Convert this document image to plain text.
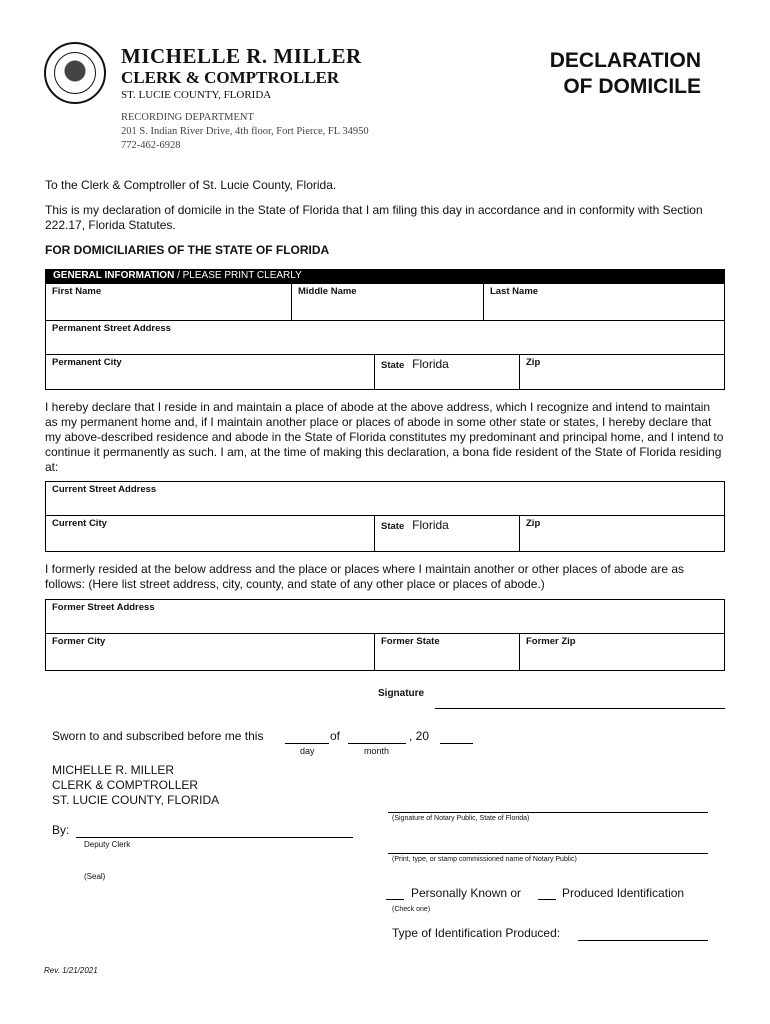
MICHELLE R. MILLER
CLERK & COMPTROLLER
ST. LUCIE COUNTY, FLORIDA
RECORDING DEPARTMENT
201 S. Indian River Drive, 4th floor, Fort Pierce, FL 34950
772-462-6928
DECLARATION
OF DOMICILE
To the Clerk & Comptroller of St. Lucie County, Florida.
This is my declaration of domicile in the State of Florida that I am filing this day in accordance and in conformity with Section 222.17, Florida Statutes.
FOR DOMICILIARIES OF THE STATE OF FLORIDA
GENERAL INFORMATION / PLEASE PRINT CLEARLY
First Name	Middle Name	Last Name
Permanent Street Address
Permanent City	State Florida	Zip
I hereby declare that I reside in and maintain a place of abode at the above address, which I recognize and intend to maintain as my permanent home and, if I maintain another place or places of abode in some other state or states, I hereby declare that my above-described residence and abode in the State of Florida constitutes my predominant and principal home, and I intend to continue it permanently as such. I am, at the time of making this declaration, a bona fide resident of the State of Florida residing at:
Current Street Address
Current City	State Florida	Zip
I formerly resided at the below address and the place or places where I maintain another or other places of abode are as follows: (Here list street address, city, county, and state of any other place or places of abode.)
Former Street Address
Former City	Former State	Former Zip
Signature
Sworn to and subscribed before me this	of	, 20
day	month
MICHELLE R. MILLER
CLERK & COMPTROLLER
ST. LUCIE COUNTY, FLORIDA
(Signature of Notary Public, State of Florida)
By:
Deputy Clerk
(Print, type, or stamp commissioned name of Notary Public)
(Seal)
Personally Known or	Produced Identification
(Check one)
Type of Identification Produced:
Rev. 1/21/2021
